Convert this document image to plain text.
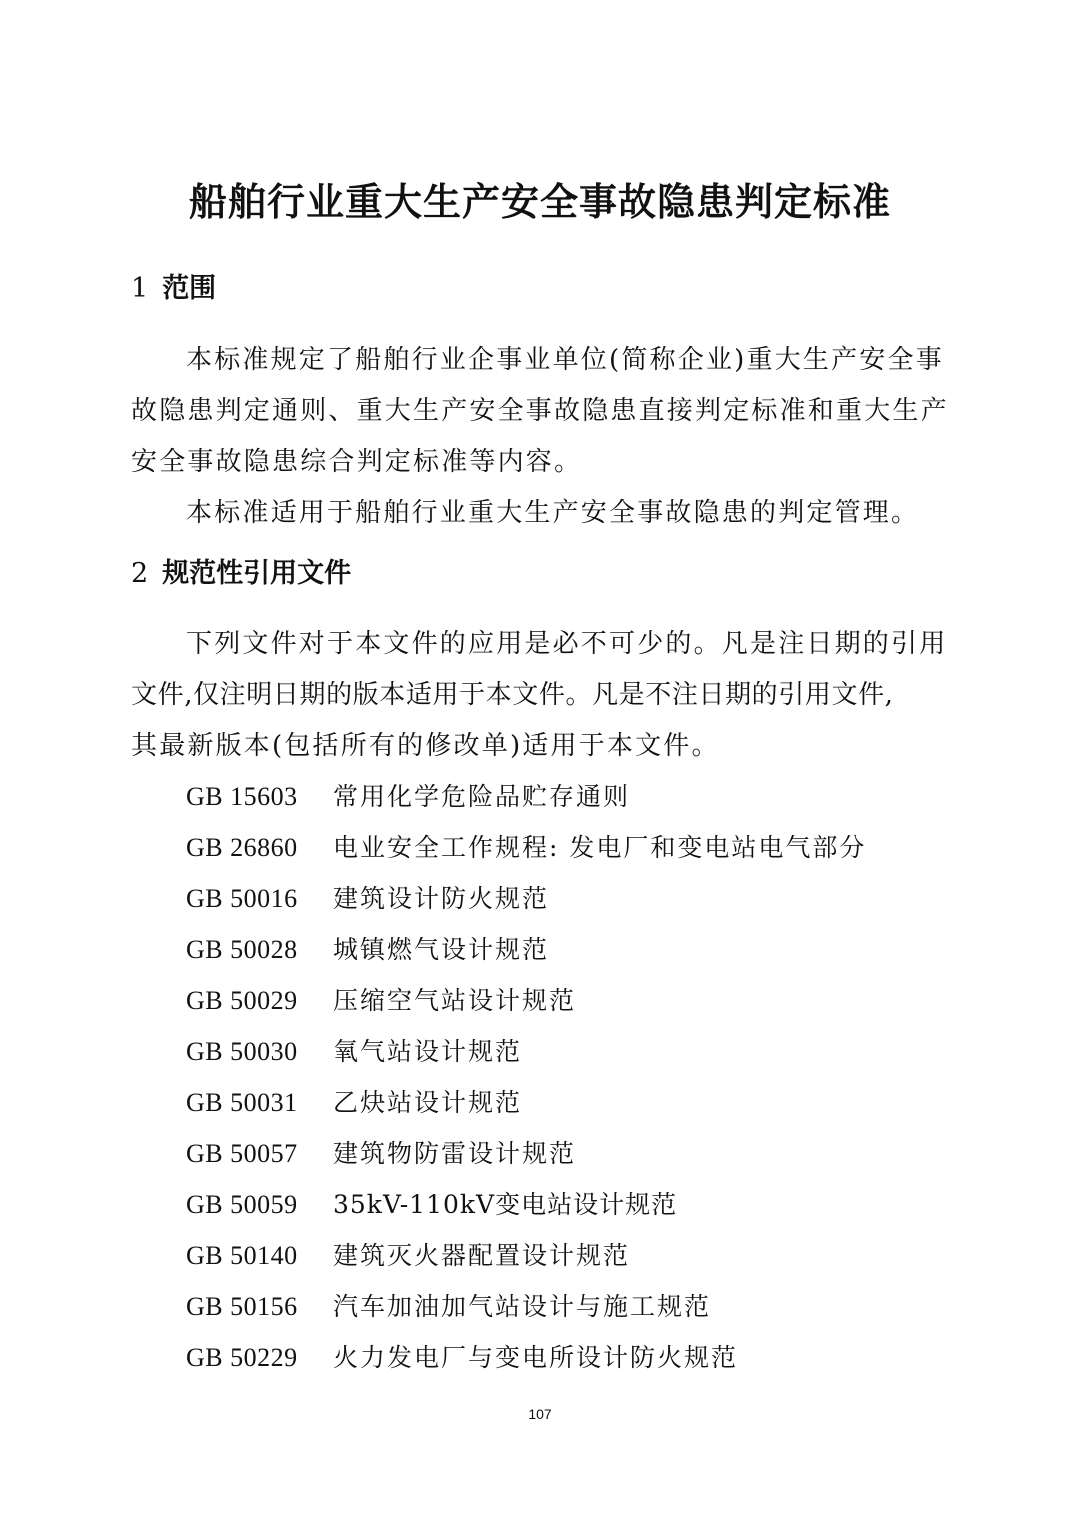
船舶行业重大生产安全事故隐患判定标准
1 范围

本标准规定了船舶行业企事业单位(简称企业)重大生产安全事

故隐患判定通则、重大生产安全事故隐患直接判定标准和重大生产

安全事故隐患综合判定标准等内容。

本标准适用于船舶行业重大生产安全事故隐患的判定管理。

2 规范性引用文件

下列文件对于本文件的应用是必不可少的。凡是注日期的引用

文件,仅注明日期的版本适用于本文件。凡是不注日期的引用文件,

其最新版本(包括所有的修改单)适用于本文件。

GB 15603 常用化学危险品贮存通则
GB 26860 电业安全工作规程: 发电厂和变电站电气部分
GB 50016 建筑设计防火规范
GB 50028 城镇燃气设计规范
GB 50029 压缩空气站设计规范
GB 50030 氧气站设计规范
GB 50031 乙炔站设计规范
GB 50057 建筑物防雷设计规范
GB 50059 35kV-110kV变电站设计规范
GB 50140 建筑灭火器配置设计规范
GB 50156 汽车加油加气站设计与施工规范
GB 50229 火力发电厂与变电所设计防火规范
107
